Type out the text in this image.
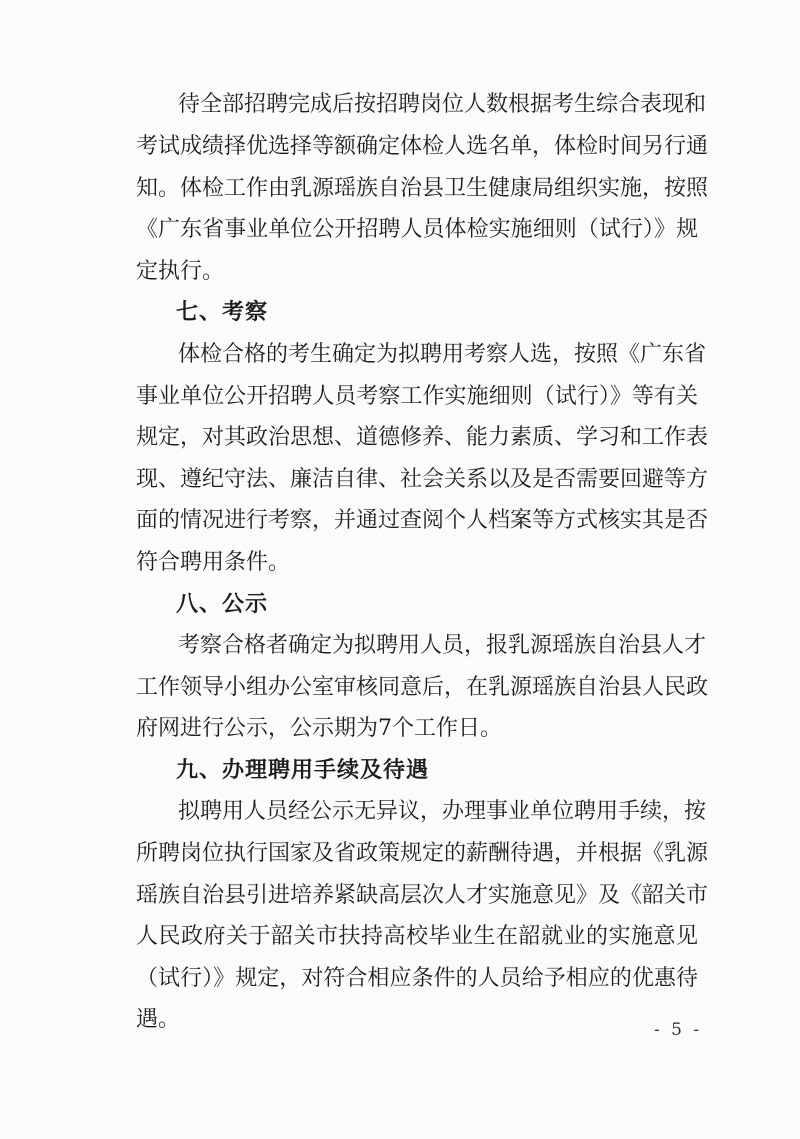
待全部招聘完成后按招聘岗位人数根据考生综合表现和
考试成绩择优选择等额确定体检人选名单，体检时间另行通
知。体检工作由乳源瑶族自治县卫生健康局组织实施，按照
《广东省事业单位公开招聘人员体检实施细则（试行）》规
定执行。
七、考察
体检合格的考生确定为拟聘用考察人选，按照《广东省
事业单位公开招聘人员考察工作实施细则（试行）》等有关
规定，对其政治思想、道德修养、能力素质、学习和工作表
现、遵纪守法、廉洁自律、社会关系以及是否需要回避等方
面的情况进行考察，并通过查阅个人档案等方式核实其是否
符合聘用条件。
八、公示
考察合格者确定为拟聘用人员，报乳源瑶族自治县人才
工作领导小组办公室审核同意后，在乳源瑶族自治县人民政
府网进行公示，公示期为7个工作日。
九、办理聘用手续及待遇
拟聘用人员经公示无异议，办理事业单位聘用手续，按
所聘岗位执行国家及省政策规定的薪酬待遇，并根据《乳源
瑶族自治县引进培养紧缺高层次人才实施意见》及《韶关市
人民政府关于韶关市扶持高校毕业生在韶就业的实施意见
（试行）》规定，对符合相应条件的人员给予相应的优惠待
遇。	- 5 -
